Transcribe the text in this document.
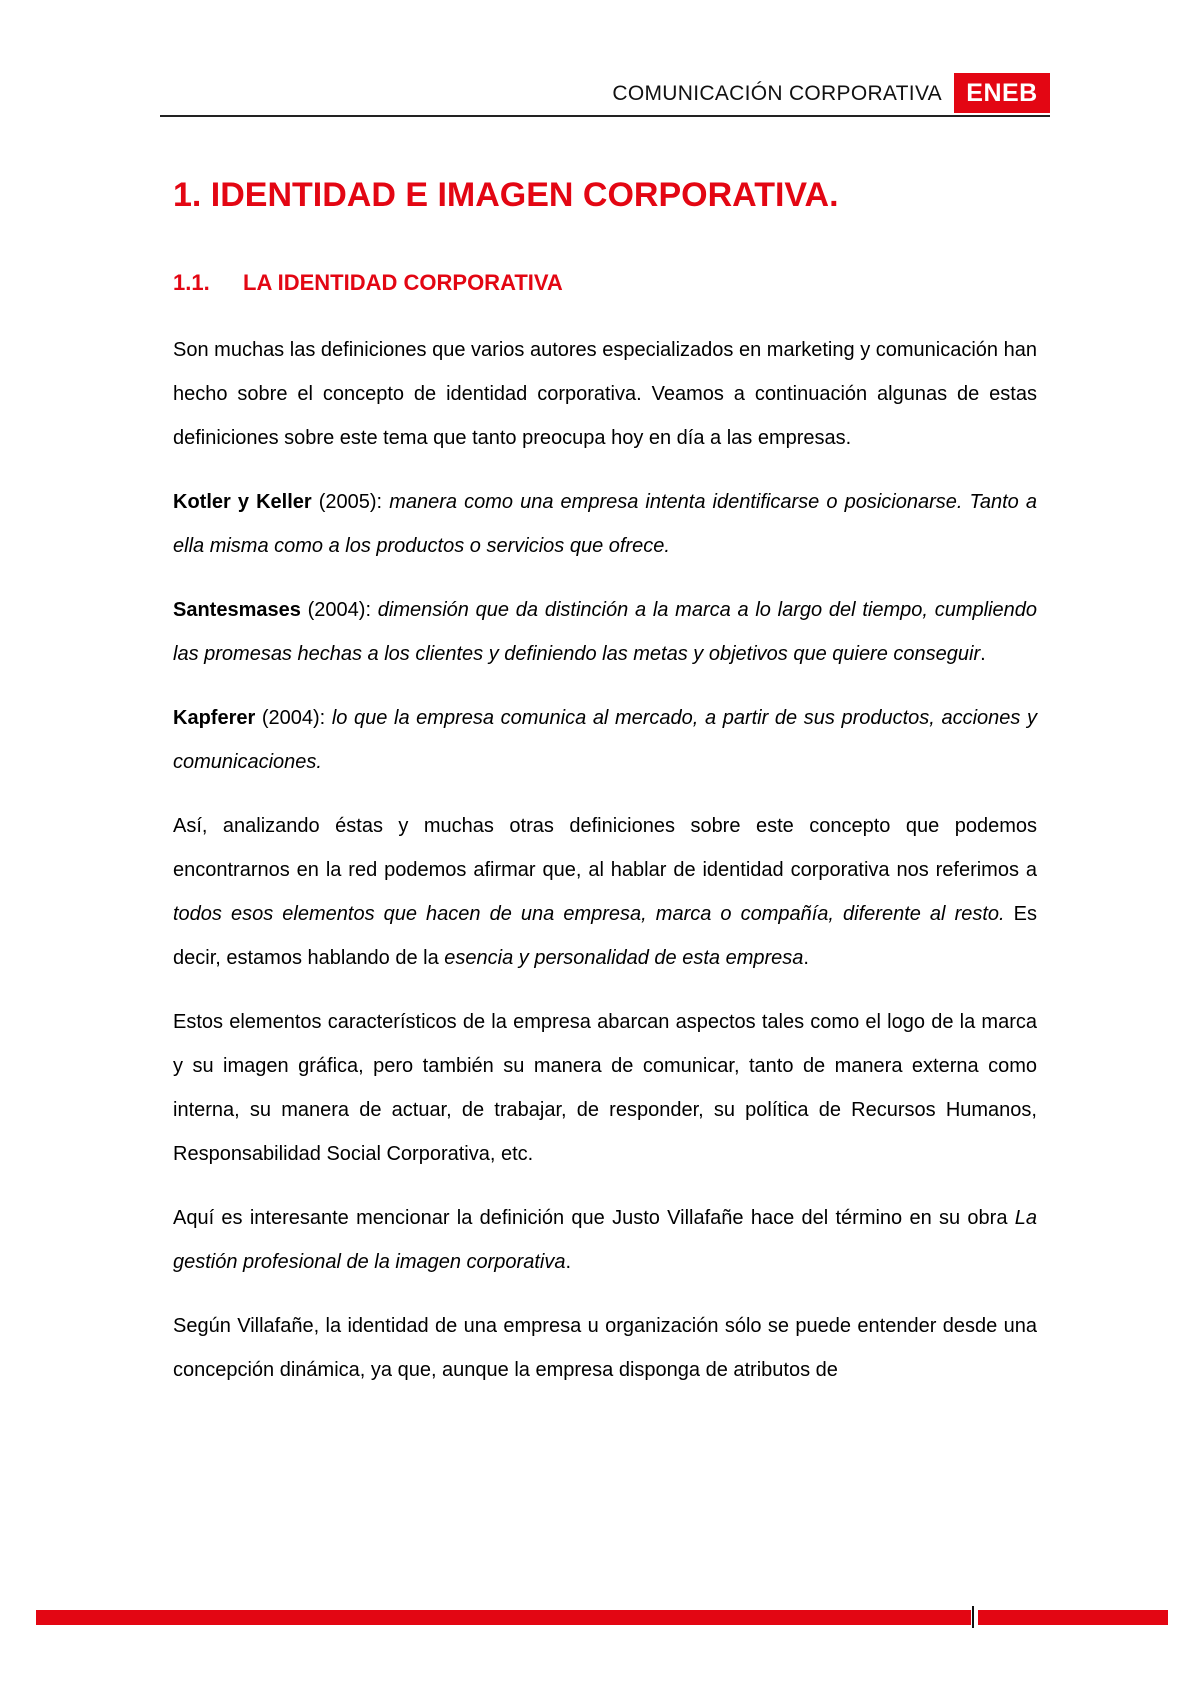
COMUNICACIÓN CORPORATIVA ENEB
1. IDENTIDAD E IMAGEN CORPORATIVA.
1.1. LA IDENTIDAD CORPORATIVA

Son muchas las definiciones que varios autores especializados en marketing y comunicación han hecho sobre el concepto de identidad corporativa. Veamos a continuación algunas de estas definiciones sobre este tema que tanto preocupa hoy en día a las empresas.

Kotler y Keller (2005): manera como una empresa intenta identificarse o posicionarse. Tanto a ella misma como a los productos o servicios que ofrece.

Santesmases (2004): dimensión que da distinción a la marca a lo largo del tiempo, cumpliendo las promesas hechas a los clientes y definiendo las metas y objetivos que quiere conseguir.

Kapferer (2004): lo que la empresa comunica al mercado, a partir de sus productos, acciones y comunicaciones.

Así, analizando éstas y muchas otras definiciones sobre este concepto que podemos encontrarnos en la red podemos afirmar que, al hablar de identidad corporativa nos referimos a todos esos elementos que hacen de una empresa, marca o compañía, diferente al resto. Es decir, estamos hablando de la esencia y personalidad de esta empresa.

Estos elementos característicos de la empresa abarcan aspectos tales como el logo de la marca y su imagen gráfica, pero también su manera de comunicar, tanto de manera externa como interna, su manera de actuar, de trabajar, de responder, su política de Recursos Humanos, Responsabilidad Social Corporativa, etc.

Aquí es interesante mencionar la definición que Justo Villafañe hace del término en su obra La gestión profesional de la imagen corporativa.

Según Villafañe, la identidad de una empresa u organización sólo se puede entender desde una concepción dinámica, ya que, aunque la empresa disponga de atributos de
